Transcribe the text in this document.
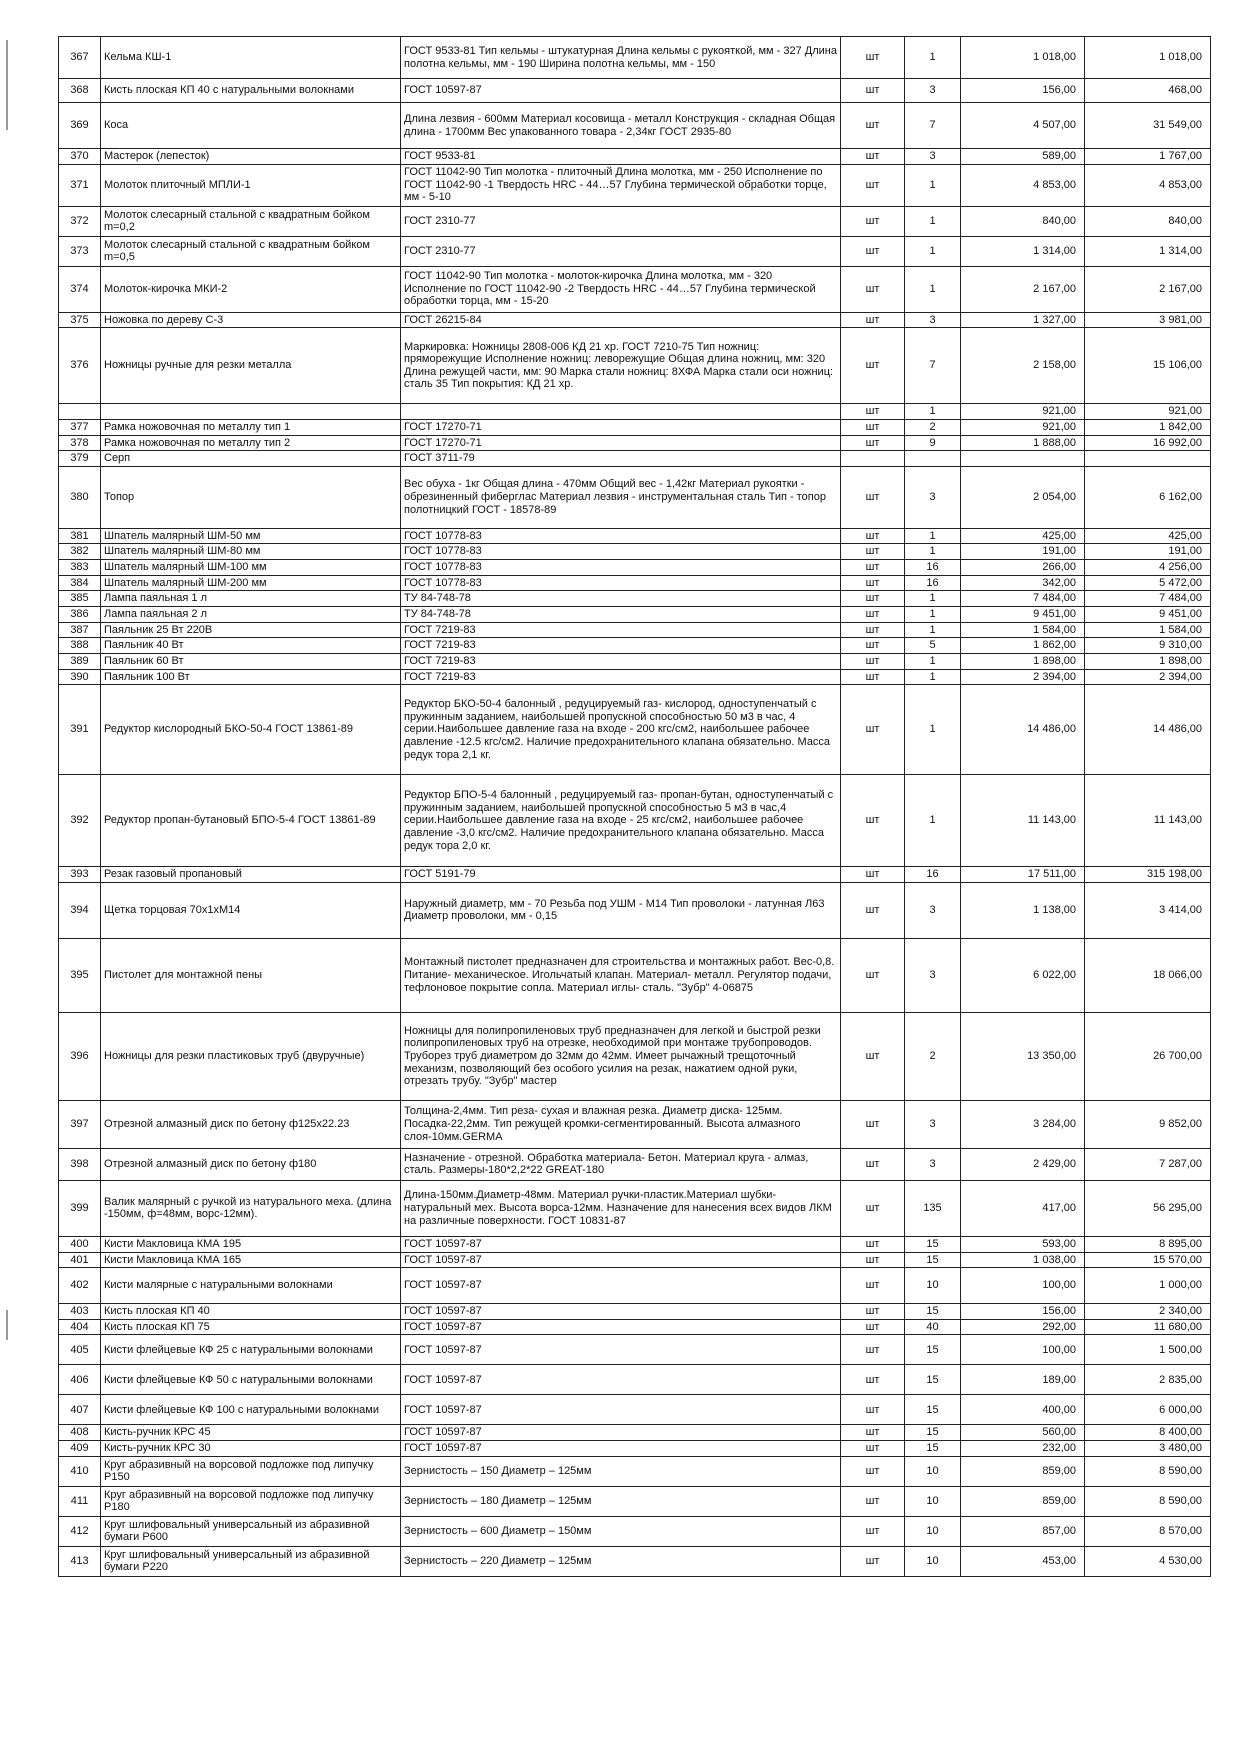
367	Кельма КШ-1	ГОСТ 9533-81 Тип кельмы - штукатурная Длина кельмы с рукояткой, мм - 327 Длина полотна кельмы, мм - 190 Ширина полотна кельмы, мм - 150	шт	1	1 018,00	1 018,00
368	Кисть плоская КП 40 с натуральными волокнами	ГОСТ 10597-87	шт	3	156,00	468,00
369	Коса	Длина лезвия - 600мм Материал косовища - металл Конструкция - складная Общая длина - 1700мм Вес упакованного товара - 2,34кг ГОСТ 2935-80	шт	7	4 507,00	31 549,00
370	Мастерок (лепесток)	ГОСТ 9533-81	шт	3	589,00	1 767,00
371	Молоток плиточный МПЛИ-1	ГОСТ 11042-90 Тип молотка - плиточный Длина молотка, мм - 250 Исполнение по ГОСТ 11042-90 -1 Твердость HRC - 44…57 Глубина термической обработки торце, мм - 5-10	шт	1	4 853,00	4 853,00
372	Молоток слесарный стальной с квадратным бойком m=0,2	ГОСТ 2310-77	шт	1	840,00	840,00
373	Молоток слесарный стальной с квадратным бойком m=0,5	ГОСТ 2310-77	шт	1	1 314,00	1 314,00
374	Молоток-кирочка МКИ-2	ГОСТ 11042-90 Тип молотка - молоток-кирочка Длина молотка, мм - 320 Исполнение по ГОСТ 11042-90 -2 Твердость HRC - 44…57 Глубина термической обработки торца, мм - 15-20	шт	1	2 167,00	2 167,00
375	Ножовка по дереву С-3	ГОСТ 26215-84	шт	3	1 327,00	3 981,00
376	Ножницы ручные для резки металла	Маркировка: Ножницы 2808-006 КД 21 хр. ГОСТ 7210-75 Тип ножниц: пряморежущие Исполнение ножниц: леворежущие Общая длина ножниц, мм: 320 Длина режущей части, мм: 90 Марка стали ножниц: 8ХФА Марка стали оси ножниц: сталь 35 Тип покрытия: КД 21 хр.	шт	7	2 158,00	15 106,00
			шт	1	921,00	921,00
377	Рамка ножовочная по металлу тип 1	ГОСТ 17270-71	шт	2	921,00	1 842,00
378	Рамка ножовочная по металлу тип 2	ГОСТ 17270-71	шт	9	1 888,00	16 992,00
379	Серп	ГОСТ 3711-79				
380	Топор	Вес обуха - 1кг Общая длина - 470мм Общий вес - 1,42кг Материал рукоятки - обрезиненный фиберглас Материал лезвия - инструментальная сталь Тип - топор полотницкий ГОСТ - 18578-89	шт	3	2 054,00	6 162,00
381	Шпатель малярный ШМ-50 мм	ГОСТ 10778-83	шт	1	425,00	425,00
382	Шпатель малярный ШМ-80 мм	ГОСТ 10778-83	шт	1	191,00	191,00
383	Шпатель малярный ШМ-100 мм	ГОСТ 10778-83	шт	16	266,00	4 256,00
384	Шпатель малярный ШМ-200 мм	ГОСТ 10778-83	шт	16	342,00	5 472,00
385	Лампа паяльная 1 л	ТУ 84-748-78	шт	1	7 484,00	7 484,00
386	Лампа паяльная 2 л	ТУ 84-748-78	шт	1	9 451,00	9 451,00
387	Паяльник 25 Вт 220В	ГОСТ 7219-83	шт	1	1 584,00	1 584,00
388	Паяльник 40 Вт	ГОСТ 7219-83	шт	5	1 862,00	9 310,00
389	Паяльник 60 Вт	ГОСТ 7219-83	шт	1	1 898,00	1 898,00
390	Паяльник 100 Вт	ГОСТ 7219-83	шт	1	2 394,00	2 394,00
391	Редуктор кислородный БКО-50-4 ГОСТ 13861-89	Редуктор БКО-50-4 балонный , редуцируемый газ- кислород, одноступенчатый с пружинным заданием, наибольшей пропускной способностью 50 м3 в час, 4 серии.Наибольшее давление газа на входе - 200 кгс/см2, наибольшее рабочее давление -12.5 кгс/см2. Наличие предохранительного клапана обязательно. Масса редук тора 2,1 кг.	шт	1	14 486,00	14 486,00
392	Редуктор пропан-бутановый БПО-5-4 ГОСТ 13861-89	Редуктор БПО-5-4 балонный , редуцируемый газ- пропан-бутан, одноступенчатый с пружинным заданием, наибольшей пропускной способностью 5 м3 в час,4 серии.Наибольшее давление газа на входе - 25 кгс/см2, наибольшее рабочее давление -3,0 кгс/см2. Наличие предохранительного клапана обязательно. Масса редук тора 2,0 кг.	шт	1	11 143,00	11 143,00
393	Резак газовый пропановый	ГОСТ 5191-79	шт	16	17 511,00	315 198,00
394	Щетка торцовая 70х1хМ14	Наружный диаметр, мм - 70 Резьба под УШМ - М14 Тип проволоки - латунная Л63 Диаметр проволоки, мм - 0,15	шт	3	1 138,00	3 414,00
395	Пистолет для монтажной пены	Монтажный пистолет предназначен для строительства и монтажных работ. Вес-0,8. Питание- механическое. Игольчатый клапан. Материал- металл. Регулятор подачи, тефлоновое покрытие сопла. Материал иглы- сталь. "Зубр" 4-06875	шт	3	6 022,00	18 066,00
396	Ножницы для резки пластиковых труб (двуручные)	Ножницы для полипропиленовых труб предназначен для легкой и быстрой резки полипропиленовых труб на отрезке, необходимой при монтаже трубопроводов. Труборез труб диаметром до 32мм до 42мм. Имеет рычажный трещоточный механизм, позволяющий без особого усилия на резак, нажатием одной руки, отрезать трубу. "Зубр" мастер	шт	2	13 350,00	26 700,00
397	Отрезной алмазный диск по бетону ф125х22.23	Толщина-2,4мм. Тип реза- сухая и влажная резка. Диаметр диска- 125мм. Посадка-22,2мм. Тип режущей кромки-сегментированный. Высота алмазного слоя-10мм.GERMA	шт	3	3 284,00	9 852,00
398	Отрезной алмазный диск по бетону ф180	Назначение - отрезной. Обработка материала- Бетон. Материал круга - алмаз, сталь. Размеры-180*2,2*22 GREAT-180	шт	3	2 429,00	7 287,00
399	Валик малярный с ручкой из натурального меха. (длина -150мм, ф=48мм, ворс-12мм).	Длина-150мм.Диаметр-48мм. Материал ручки-пластик.Материал шубки- натуральный мех. Высота ворса-12мм. Назначение для нанесения всех видов ЛКМ на различные поверхности. ГОСТ 10831-87	шт	135	417,00	56 295,00
400	Кисти Макловица КМА 195	ГОСТ 10597-87	шт	15	593,00	8 895,00
401	Кисти Макловица КМА 165	ГОСТ 10597-87	шт	15	1 038,00	15 570,00
402	Кисти малярные с натуральными волокнами	ГОСТ 10597-87	шт	10	100,00	1 000,00
403	Кисть плоская КП 40	ГОСТ 10597-87	шт	15	156,00	2 340,00
404	Кисть плоская КП 75	ГОСТ 10597-87	шт	40	292,00	11 680,00
405	Кисти флейцевые КФ 25 с натуральными волокнами	ГОСТ 10597-87	шт	15	100,00	1 500,00
406	Кисти флейцевые КФ 50 с натуральными волокнами	ГОСТ 10597-87	шт	15	189,00	2 835,00
407	Кисти флейцевые КФ 100 с натуральными волокнами	ГОСТ 10597-87	шт	15	400,00	6 000,00
408	Кисть-ручник КРС 45	ГОСТ 10597-87	шт	15	560,00	8 400,00
409	Кисть-ручник КРС 30	ГОСТ 10597-87	шт	15	232,00	3 480,00
410	Круг абразивный на ворсовой подложке под липучку Р150	Зернистость – 150 Диаметр – 125мм	шт	10	859,00	8 590,00
411	Круг абразивный на ворсовой подложке под липучку Р180	Зернистость – 180 Диаметр – 125мм	шт	10	859,00	8 590,00
412	Круг шлифовальный универсальный из абразивной бумаги Р600	Зернистость – 600 Диаметр – 150мм	шт	10	857,00	8 570,00
413	Круг шлифовальный универсальный из абразивной бумаги Р220	Зернистость – 220 Диаметр – 125мм	шт	10	453,00	4 530,00
